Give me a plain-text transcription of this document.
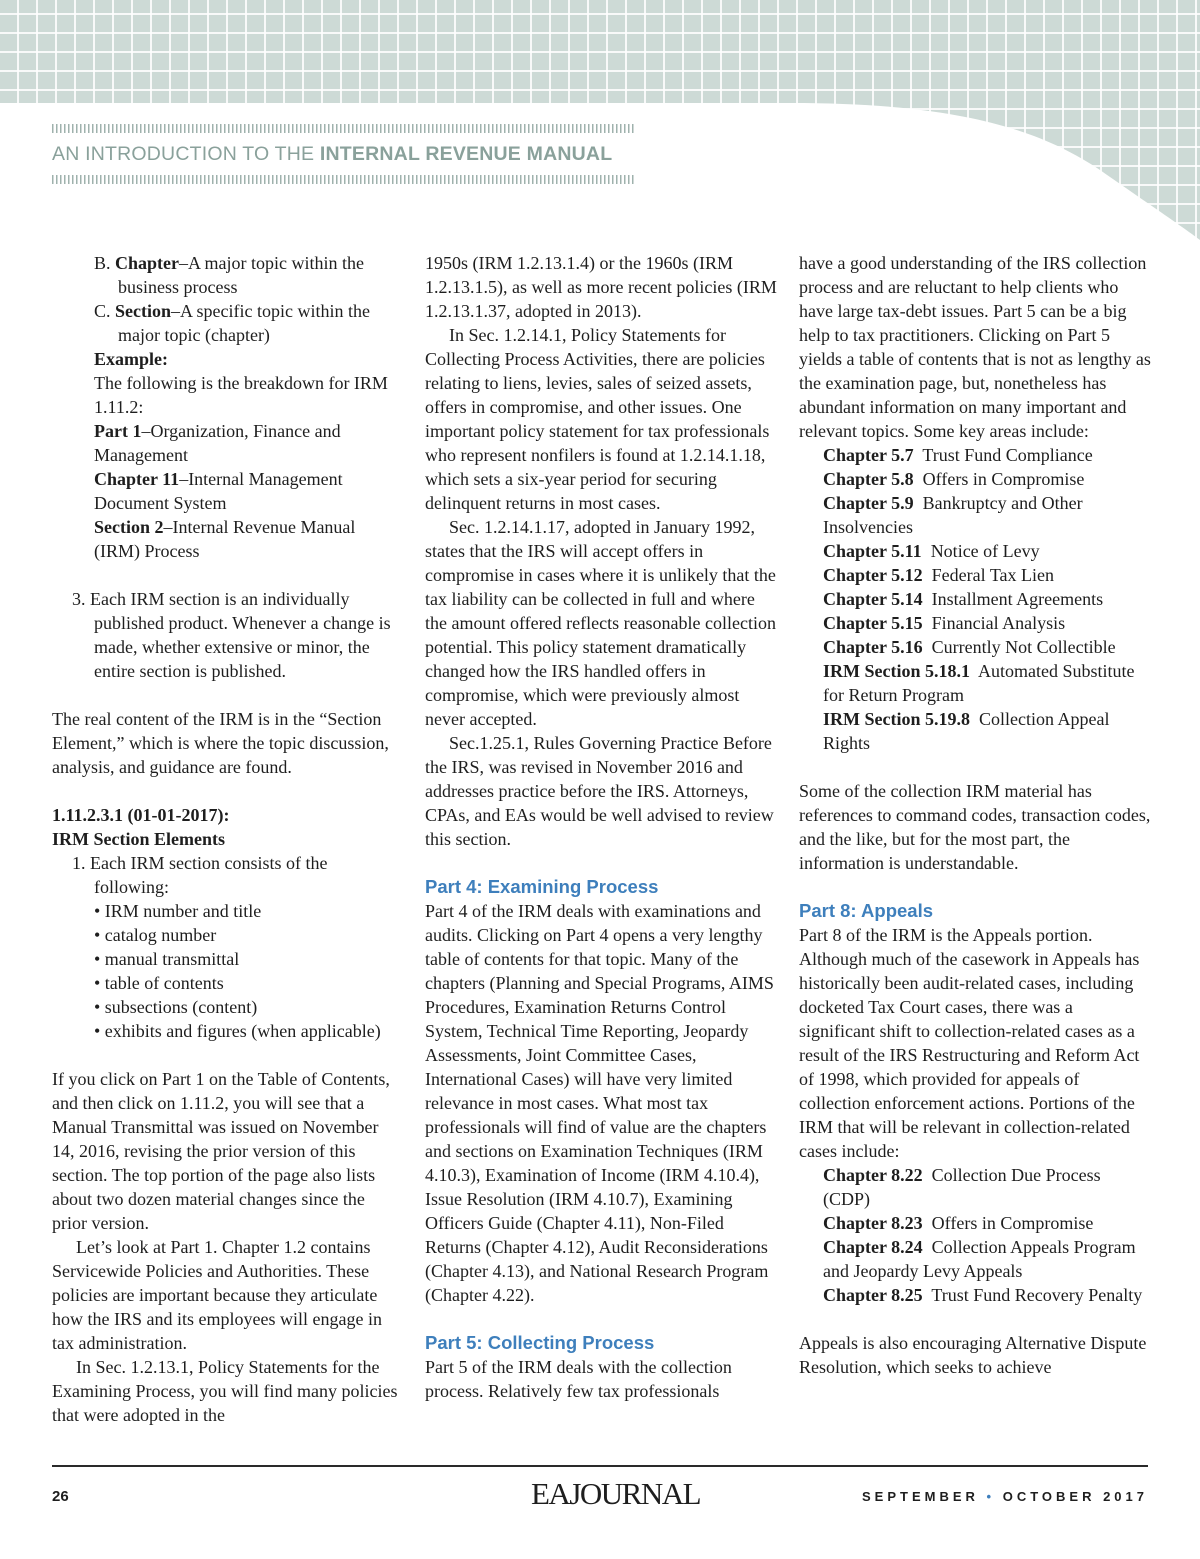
AN INTRODUCTION TO THE INTERNAL REVENUE MANUAL

B. Chapter–A major topic within the business process

C. Section–A specific topic within the major topic (chapter)

Example:

The following is the breakdown for IRM 1.11.2:

Part 1–Organization, Finance and Management

Chapter 11–Internal Management Document System

Section 2–Internal Revenue Manual (IRM) Process

3. Each IRM section is an individually published product. Whenever a change is made, whether extensive or minor, the entire section is published.

The real content of the IRM is in the “Section Element,” which is where the topic discussion, analysis, and guidance are found.

1.11.2.3.1 (01-01-2017):

IRM Section Elements

1. Each IRM section consists of the following:

• IRM number and title

• catalog number

• manual transmittal

• table of contents

• subsections (content)

• exhibits and figures (when applicable)

If you click on Part 1 on the Table of Contents, and then click on 1.11.2, you will see that a Manual Transmittal was issued on November 14, 2016, revising the prior version of this section. The top portion of the page also lists about two dozen material changes since the prior version.

Let’s look at Part 1. Chapter 1.2 contains Servicewide Policies and Authorities. These policies are important because they articulate how the IRS and its employees will engage in tax administration.

In Sec. 1.2.13.1, Policy Statements for the Examining Process, you will find many policies that were adopted in the

1950s (IRM 1.2.13.1.4) or the 1960s (IRM 1.2.13.1.5), as well as more recent policies (IRM 1.2.13.1.37, adopted in 2013).

In Sec. 1.2.14.1, Policy Statements for Collecting Process Activities, there are policies relating to liens, levies, sales of seized assets, offers in compromise, and other issues. One important policy statement for tax professionals who represent nonfilers is found at 1.2.14.1.18, which sets a six-year period for securing delinquent returns in most cases.

Sec. 1.2.14.1.17, adopted in January 1992, states that the IRS will accept offers in compromise in cases where it is unlikely that the tax liability can be collected in full and where the amount offered reflects reasonable collection potential. This policy statement dramatically changed how the IRS handled offers in compromise, which were previously almost never accepted.

Sec.1.25.1, Rules Governing Practice Before the IRS, was revised in November 2016 and addresses practice before the IRS. Attorneys, CPAs, and EAs would be well advised to review this section.

Part 4: Examining Process

Part 4 of the IRM deals with examinations and audits. Clicking on Part 4 opens a very lengthy table of contents for that topic. Many of the chapters (Planning and Special Programs, AIMS Procedures, Examination Returns Control System, Technical Time Reporting, Jeopardy Assessments, Joint Committee Cases, International Cases) will have very limited relevance in most cases. What most tax professionals will find of value are the chapters and sections on Examination Techniques (IRM 4.10.3), Examination of Income (IRM 4.10.4), Issue Resolution (IRM 4.10.7), Examining Officers Guide (Chapter 4.11), Non-Filed Returns (Chapter 4.12), Audit Reconsiderations (Chapter 4.13), and National Research Program (Chapter 4.22).

Part 5: Collecting Process

Part 5 of the IRM deals with the collection process. Relatively few tax professionals

have a good understanding of the IRS collection process and are reluctant to help clients who have large tax-debt issues. Part 5 can be a big help to tax practitioners. Clicking on Part 5 yields a table of contents that is not as lengthy as the examination page, but, nonetheless has abundant information on many important and relevant topics. Some key areas include:

Chapter 5.7 Trust Fund Compliance

Chapter 5.8 Offers in Compromise

Chapter 5.9 Bankruptcy and Other Insolvencies

Chapter 5.11 Notice of Levy

Chapter 5.12 Federal Tax Lien

Chapter 5.14 Installment Agreements

Chapter 5.15 Financial Analysis

Chapter 5.16 Currently Not Collectible

IRM Section 5.18.1 Automated Substitute for Return Program

IRM Section 5.19.8 Collection Appeal Rights

Some of the collection IRM material has references to command codes, transaction codes, and the like, but for the most part, the information is understandable.

Part 8: Appeals

Part 8 of the IRM is the Appeals portion. Although much of the casework in Appeals has historically been audit-related cases, including docketed Tax Court cases, there was a significant shift to collection-related cases as a result of the IRS Restructuring and Reform Act of 1998, which provided for appeals of collection enforcement actions. Portions of the IRM that will be relevant in collection-related cases include:

Chapter 8.22 Collection Due Process (CDP)

Chapter 8.23 Offers in Compromise

Chapter 8.24 Collection Appeals Program and Jeopardy Levy Appeals

Chapter 8.25 Trust Fund Recovery Penalty

Appeals is also encouraging Alternative Dispute Resolution, which seeks to achieve

26	EAJOURNAL	SEPTEMBER • OCTOBER 2017
